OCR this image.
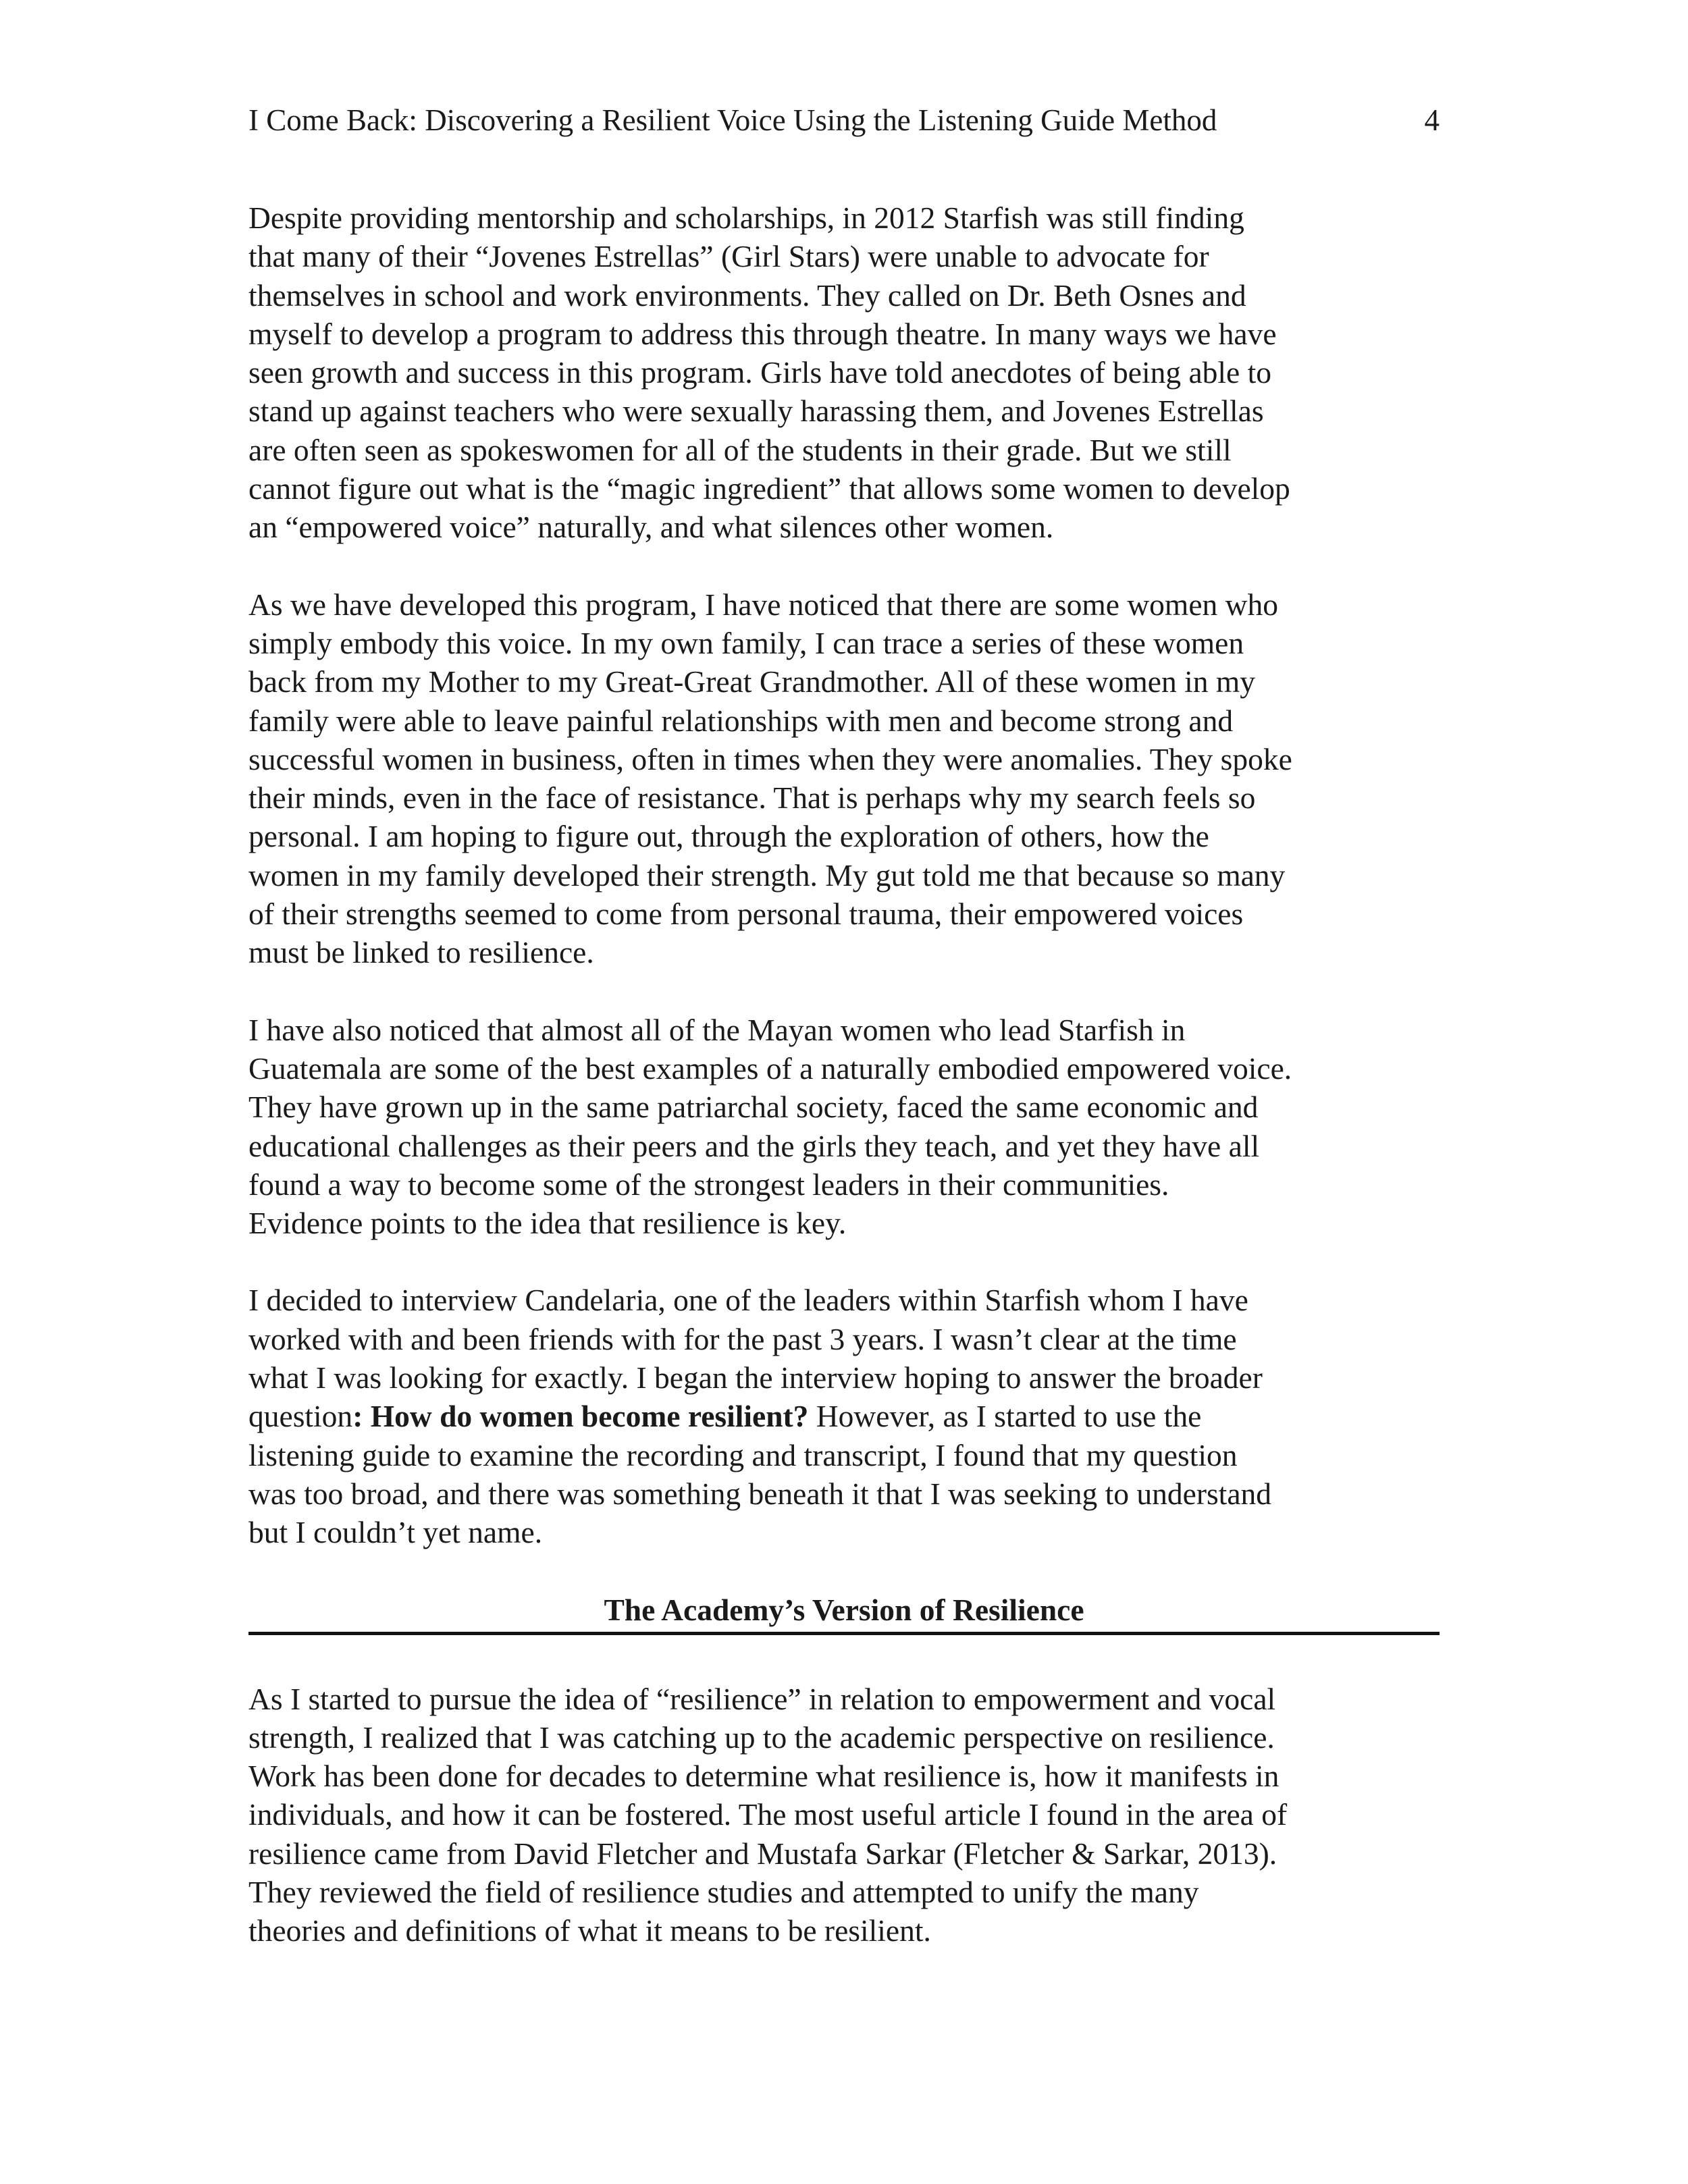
I Come Back: Discovering a Resilient Voice Using the Listening Guide Method	4

Despite providing mentorship and scholarships, in 2012 Starfish was still finding
that many of their “Jovenes Estrellas” (Girl Stars) were unable to advocate for
themselves in school and work environments. They called on Dr. Beth Osnes and
myself to develop a program to address this through theatre. In many ways we have
seen growth and success in this program. Girls have told anecdotes of being able to
stand up against teachers who were sexually harassing them, and Jovenes Estrellas
are often seen as spokeswomen for all of the students in their grade. But we still
cannot figure out what is the “magic ingredient” that allows some women to develop
an “empowered voice” naturally, and what silences other women.

As we have developed this program, I have noticed that there are some women who
simply embody this voice. In my own family, I can trace a series of these women
back from my Mother to my Great-Great Grandmother. All of these women in my
family were able to leave painful relationships with men and become strong and
successful women in business, often in times when they were anomalies. They spoke
their minds, even in the face of resistance. That is perhaps why my search feels so
personal. I am hoping to figure out, through the exploration of others, how the
women in my family developed their strength. My gut told me that because so many
of their strengths seemed to come from personal trauma, their empowered voices
must be linked to resilience.

I have also noticed that almost all of the Mayan women who lead Starfish in
Guatemala are some of the best examples of a naturally embodied empowered voice.
They have grown up in the same patriarchal society, faced the same economic and
educational challenges as their peers and the girls they teach, and yet they have all
found a way to become some of the strongest leaders in their communities.
Evidence points to the idea that resilience is key.

I decided to interview Candelaria, one of the leaders within Starfish whom I have
worked with and been friends with for the past 3 years. I wasn’t clear at the time
what I was looking for exactly. I began the interview hoping to answer the broader
question: How do women become resilient? However, as I started to use the
listening guide to examine the recording and transcript, I found that my question
was too broad, and there was something beneath it that I was seeking to understand
but I couldn’t yet name.

The Academy’s Version of Resilience

As I started to pursue the idea of “resilience” in relation to empowerment and vocal
strength, I realized that I was catching up to the academic perspective on resilience.
Work has been done for decades to determine what resilience is, how it manifests in
individuals, and how it can be fostered. The most useful article I found in the area of
resilience came from David Fletcher and Mustafa Sarkar (Fletcher & Sarkar, 2013).
They reviewed the field of resilience studies and attempted to unify the many
theories and definitions of what it means to be resilient.
